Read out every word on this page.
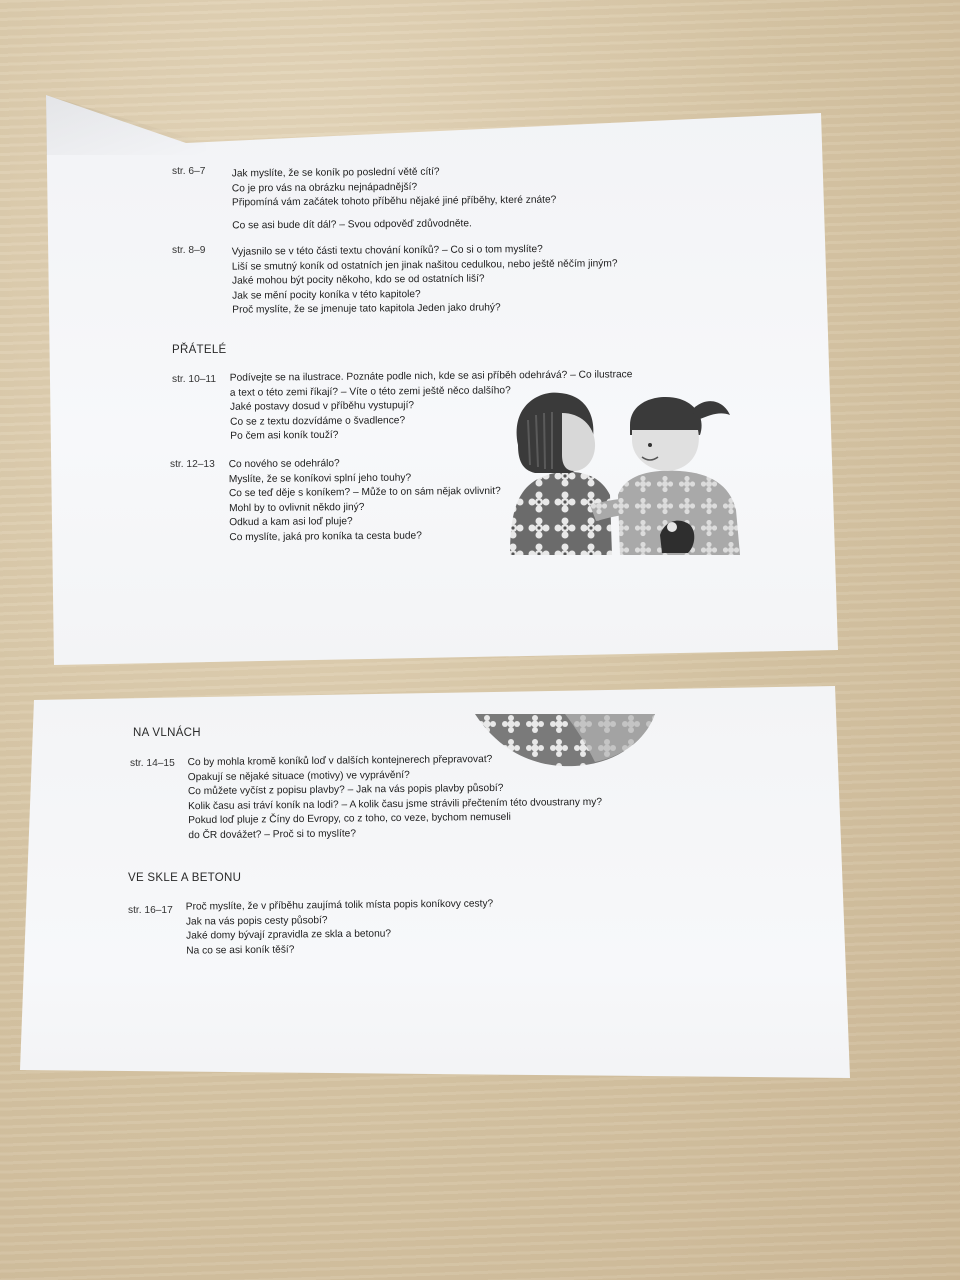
str. 6–7	Jak myslíte, že se koník po poslední větě cítí?
Co je pro vás na obrázku nejnápadnější?
Připomíná vám začátek tohoto příběhu nějaké jiné příběhy, které znáte?
Co se asi bude dít dál? – Svou odpověď zdůvodněte.
str. 8–9	Vyjasnilo se v této části textu chování koníků? – Co si o tom myslíte?
Liší se smutný koník od ostatních jen jinak našitou cedulkou, nebo ještě něčím jiným?
Jaké mohou být pocity někoho, kdo se od ostatních liší?
Jak se mění pocity koníka v této kapitole?
Proč myslíte, že se jmenuje tato kapitola Jeden jako druhý?
PŘÁTELÉ
str. 10–11 Podívejte se na ilustrace. Poznáte podle nich, kde se asi příběh odehrává? – Co ilustrace
a text o této zemi říkají? – Víte o této zemi ještě něco dalšího?
Jaké postavy dosud v příběhu vystupují?
Co se z textu dozvídáme o švadlence?
Po čem asi koník touží?
str. 12–13 Co nového se odehrálo?
Myslíte, že se koníkovi splní jeho touhy?
Co se teď děje s koníkem? – Může to on sám nějak ovlivnit?
Mohl by to ovlivnit někdo jiný?
Odkud a kam asi loď pluje?
Co myslíte, jaká pro koníka ta cesta bude?
NA VLNÁCH
str. 14–15 Co by mohla kromě koníků loď v dalších kontejnerech přepravovat?
Opakují se nějaké situace (motivy) ve vyprávění?
Co můžete vyčíst z popisu plavby? – Jak na vás popis plavby působí?
Kolik času asi tráví koník na lodi? – A kolik času jsme strávili přečtením této dvoustrany my?
Pokud loď pluje z Číny do Evropy, co z toho, co veze, bychom nemuseli
do ČR dovážet? – Proč si to myslíte?
VE SKLE A BETONU
str. 16–17 Proč myslíte, že v příběhu zaujímá tolik místa popis koníkovy cesty?
Jak na vás popis cesty působí?
Jaké domy bývají zpravidla ze skla a betonu?
Na co se asi koník těší?
